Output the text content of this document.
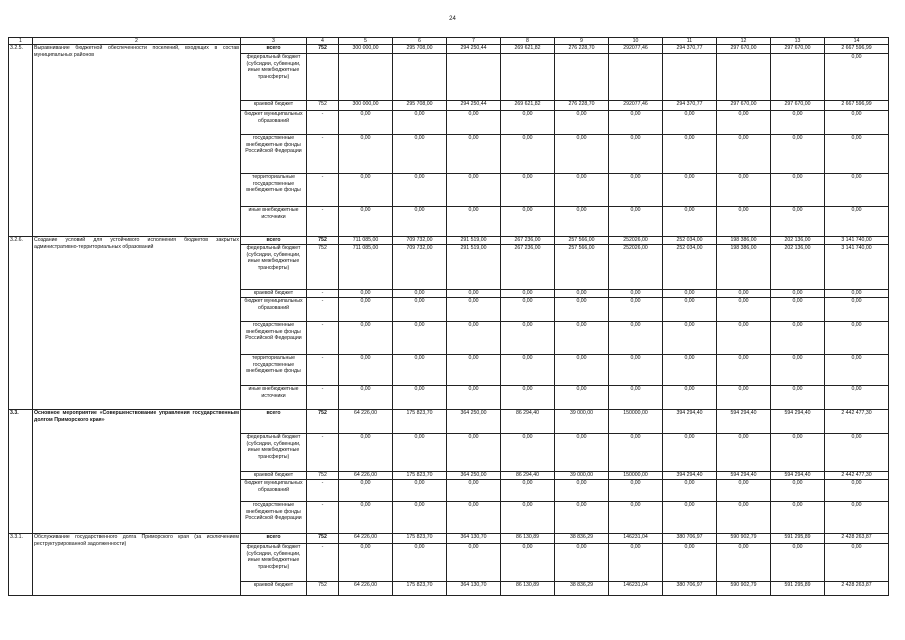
24
1	2	3	4	5	6	7	8	9	10	11	12	13	14
3.2.5.	Выравнивание бюджетной обеспеченности поселений, входящих в состав муниципальных районов	всего	752	300 000,00	295 708,00	294 250,44	269 621,82	276 228,70	292077,46	294 370,77	297 670,00	297 670,00	2 667 596,99
		федеральный бюджет (субсидии, субвенции, иные межбюджетные трансферты)											0,00
		краевой бюджет	752	300 000,00	295 708,00	294 250,44	269 621,82	276 228,70	292077,46	294 370,77	297 670,00	297 670,00	2 667 596,99
		бюджет муниципальных образований	-	0,00	0,00	0,00	0,00	0,00	0,00	0,00	0,00	0,00	0,00
		государственные внебюджетные фонды Российской Федерации	-	0,00	0,00	0,00	0,00	0,00	0,00	0,00	0,00	0,00	0,00
		территориальные государственные внебюджетные фонды	-	0,00	0,00	0,00	0,00	0,00	0,00	0,00	0,00	0,00	0,00
		иные внебюджетные источники	-	0,00	0,00	0,00	0,00	0,00	0,00	0,00	0,00	0,00	0,00
3.2.6.	Создание условий для устойчивого исполнения бюджетов закрытых административно-территориальных образований	всего	752	711 085,00	709 732,00	291 519,00	267 236,00	257 566,00	252026,00	252 034,00	198 386,00	202 136,00	3 141 740,00
		федеральный бюджет (субсидии, субвенции, иные межбюджетные трансферты)	752	711 085,00	709 732,00	291 519,00	267 236,00	257 566,00	252026,00	252 034,00	198 386,00	202 136,00	3 141 740,00
		краевой бюджет	-	0,00	0,00	0,00	0,00	0,00	0,00	0,00	0,00	0,00	0,00
		бюджет муниципальных образований	-	0,00	0,00	0,00	0,00	0,00	0,00	0,00	0,00	0,00	0,00
		государственные внебюджетные фонды Российской Федерации	-	0,00	0,00	0,00	0,00	0,00	0,00	0,00	0,00	0,00	0,00
		территориальные государственные внебюджетные фонды	-	0,00	0,00	0,00	0,00	0,00	0,00	0,00	0,00	0,00	0,00
		иные внебюджетные источники	-	0,00	0,00	0,00	0,00	0,00	0,00	0,00	0,00	0,00	0,00
3.3.	Основное мероприятие «Совершенствование управления государственным долгом Приморского края»	всего	752	64 226,00	175 823,70	364 250,00	86 294,40	39 000,00	150000,00	394 294,40	594 294,40	594 294,40	2 442 477,30
		федеральный бюджет (субсидии, субвенции, иные межбюджетные трансферты)	-	0,00	0,00	0,00	0,00	0,00	0,00	0,00	0,00	0,00	0,00
		краевой бюджет	752	64 226,00	175 823,70	364 250,00	86 294,40	39 000,00	150000,00	394 294,40	594 294,40	594 294,40	2 442 477,30
		бюджет муниципальных образований	-	0,00	0,00	0,00	0,00	0,00	0,00	0,00	0,00	0,00	0,00
		государственные внебюджетные фонды Российской Федерации	-	0,00	0,00	0,00	0,00	0,00	0,00	0,00	0,00	0,00	0,00
3.3.1.	Обслуживание государственного долга Приморского края (за исключением реструктурированной задолженности)	всего	752	64 226,00	175 823,70	364 130,70	86 130,89	38 836,29	146231,04	380 706,97	590 902,79	591 295,89	2 428 263,87
		федеральный бюджет (субсидии, субвенции, иные межбюджетные трансферты)	-	0,00	0,00	0,00	0,00	0,00	0,00	0,00	0,00	0,00	0,00
		краевой бюджет	752	64 226,00	175 823,70	364 130,70	86 130,89	38 836,29	146231,04	380 706,97	590 902,79	591 295,89	2 428 263,87
